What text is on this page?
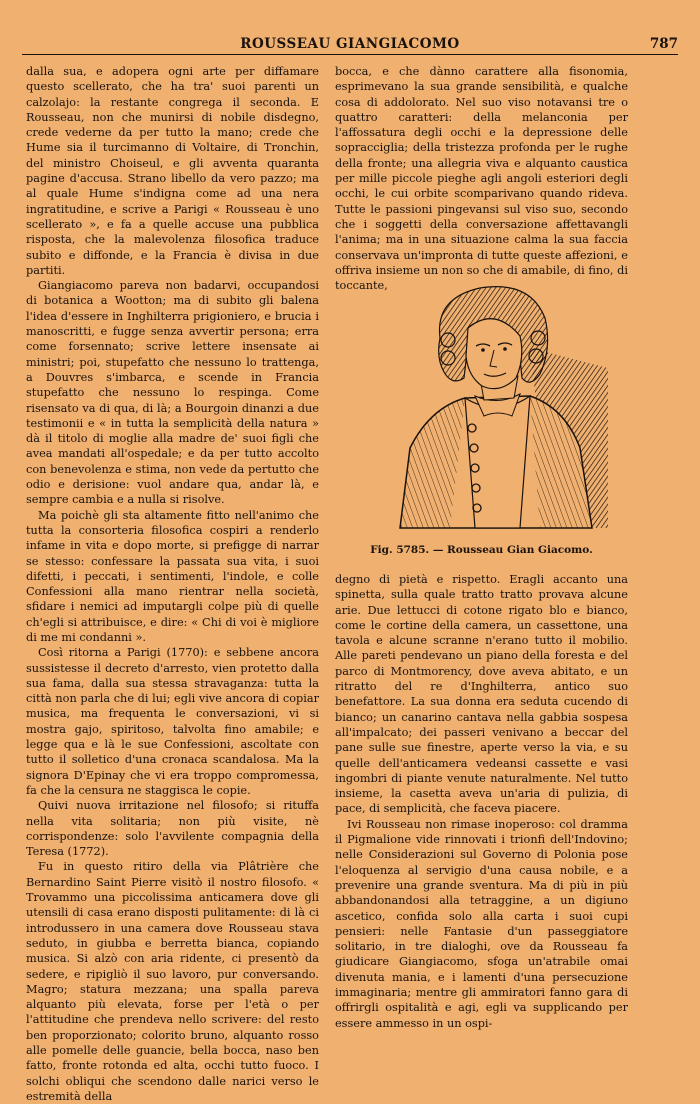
ROUSSEAU GIANGIACOMO	787

dalla sua, e adopera ogni arte per diffamare questo scellerato, che ha tra' suoi parenti un calzolajo: la restante congrega il seconda. E Rousseau, non che munirsi di nobile disdegno, crede vederne da per tutto la mano; crede che Hume sia il turcimanno di Voltaire, di Tronchin, del ministro Choiseul, e gli avventa quaranta pagine d'accusa. Strano libello da vero pazzo; ma al quale Hume s'indigna come ad una nera ingratitudine, e scrive a Parigi « Rousseau è uno scellerato », e fa a quelle accuse una pubblica risposta, che la malevolenza filosofica traduce subito e diffonde, e la Francia è divisa in due partiti.

Giangiacomo pareva non badarvi, occupandosi di botanica a Wootton; ma di subito gli balena l'idea d'essere in Inghilterra prigioniero, e brucia i manoscritti, e fugge senza avvertir persona; erra come forsennato; scrive lettere insensate ai ministri; poi, stupefatto che nessuno lo trattenga, a Douvres s'imbarca, e scende in Francia stupefatto che nessuno lo respinga. Come risensato va di qua, di là; a Bourgoin dinanzi a due testimonii e « in tutta la semplicità della natura » dà il titolo di moglie alla madre de' suoi figli che avea mandati all'ospedale; e da per tutto accolto con benevolenza e stima, non vede da pertutto che odio e derisione: vuol andare qua, andar là, e sempre cambia e a nulla si risolve.

Ma poichè gli sta altamente fitto nell'animo che tutta la consorteria filosofica cospiri a renderlo infame in vita e dopo morte, si prefigge di narrar se stesso: confessare la passata sua vita, i suoi difetti, i peccati, i sentimenti, l'indole, e colle Confessioni alla mano rientrar nella società, sfidare i nemici ad imputargli colpe più di quelle ch'egli si attribuisce, e dire: « Chi di voi è migliore di me mi condanni ».

Così ritorna a Parigi (1770): e sebbene ancora sussistesse il decreto d'arresto, vien protetto dalla sua fama, dalla sua stessa stravaganza: tutta la città non parla che di lui; egli vive ancora di copiar musica, ma frequenta le conversazioni, vi si mostra gajo, spiritoso, talvolta fino amabile; e legge qua e là le sue Confessioni, ascoltate con tutto il solletico d'una cronaca scandalosa. Ma la signora D'Epinay che vi era troppo compromessa, fa che la censura ne staggisca le copie.

Quivi nuova irritazione nel filosofo; si rituffa nella vita solitaria; non più visite, nè corrispondenze: solo l'avvilente compagnia della Teresa (1772).

Fu in questo ritiro della via Plâtrière che Bernardino Saint Pierre visitò il nostro filosofo. « Trovammo una piccolissima anticamera dove gli utensili di casa erano disposti pulitamente: di là ci introdussero in una camera dove Rousseau stava seduto, in giubba e berretta bianca, copiando musica. Si alzò con aria ridente, ci presentò da sedere, e ripigliò il suo lavoro, pur conversando. Magro; statura mezzana; una spalla pareva alquanto più elevata, forse per l'età o per l'attitudine che prendeva nello scrivere: del resto ben proporzionato; colorito bruno, alquanto rosso alle pomelle delle guancie, bella bocca, naso ben fatto, fronte rotonda ed alta, occhi tutto fuoco. I solchi obliqui che scendono dalle narici verso le estremità della

bocca, e che dànno carattere alla fisonomia, esprimevano la sua grande sensibilità, e qualche cosa di addolorato. Nel suo viso notavansi tre o quattro caratteri: della melanconia per l'affossatura degli occhi e la depressione delle sopracciglia; della tristezza profonda per le rughe della fronte; una allegria viva e alquanto caustica per mille piccole pieghe agli angoli esteriori degli occhi, le cui orbite scomparivano quando rideva. Tutte le passioni pingevansi sul viso suo, secondo che i soggetti della conversazione affettavangli l'anima; ma in una situazione calma la sua faccia conservava un'impronta di tutte queste affezioni, e offriva insieme un non so che di amabile, di fino, di toccante,

Fig. 5785. — Rousseau Gian Giacomo.

degno di pietà e rispetto. Eragli accanto una spinetta, sulla quale tratto tratto provava alcune arie. Due lettucci di cotone rigato blo e bianco, come le cortine della camera, un cassettone, una tavola e alcune scranne n'erano tutto il mobilio. Alle pareti pendevano un piano della foresta e del parco di Montmorency, dove aveva abitato, e un ritratto del re d'Inghilterra, antico suo benefattore. La sua donna era seduta cucendo di bianco; un canarino cantava nella gabbia sospesa all'impalcato; dei passeri venivano a beccar del pane sulle sue finestre, aperte verso la via, e su quelle dell'anticamera vedeansi cassette e vasi ingombri di piante venute naturalmente. Nel tutto insieme, la casetta aveva un'aria di pulizia, di pace, di semplicità, che faceva piacere.

Ivi Rousseau non rimase inoperoso: col dramma il Pigmalione vide rinnovati i trionfi dell'Indovino; nelle Considerazioni sul Governo di Polonia pose l'eloquenza al servigio d'una causa nobile, e a prevenire una grande sventura. Ma di più in più abbandonandosi alla tetraggine, a un digiuno ascetico, confida solo alla carta i suoi cupi pensieri: nelle Fantasie d'un passeggiatore solitario, in tre dialoghi, ove da Rousseau fa giudicare Giangiacomo, sfoga un'atrabile omai divenuta mania, e i lamenti d'una persecuzione immaginaria; mentre gli ammiratori fanno gara di offrirgli ospitalità e agi, egli va supplicando per essere ammesso in un ospi-
